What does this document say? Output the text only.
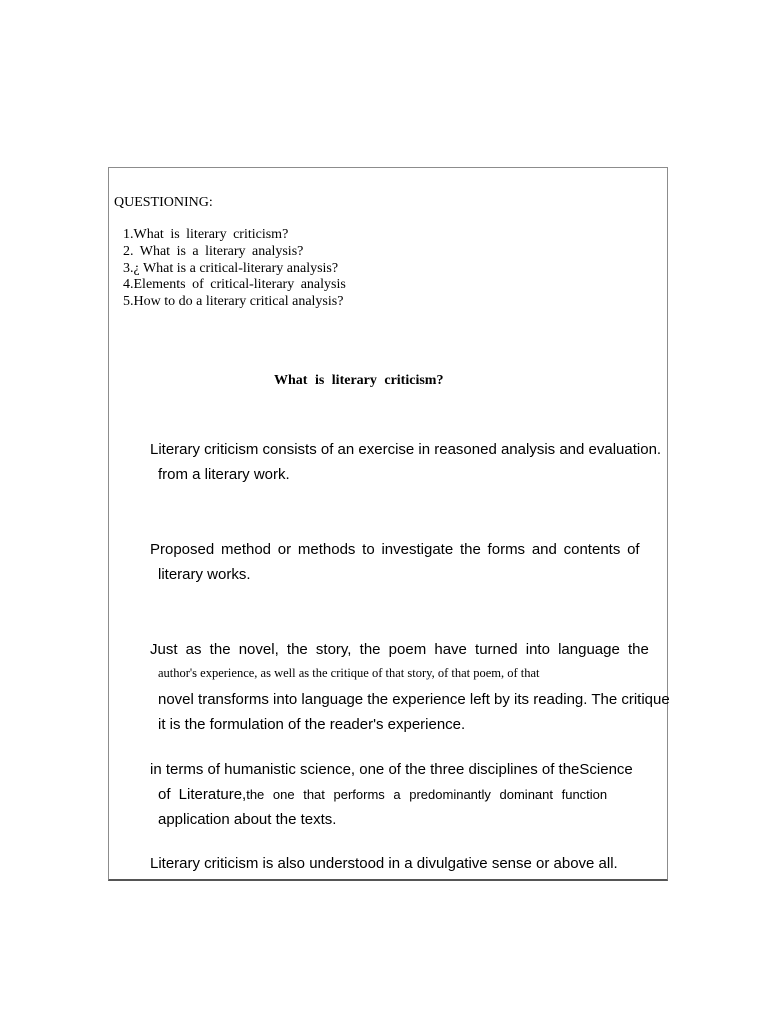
QUESTIONING:
1.What is literary criticism?
2. What is a literary analysis?
3.¿ What is a critical-literary analysis?
4.Elements of critical-literary analysis
5.How to do a literary critical analysis?
What is literary criticism?
Literary criticism consists of an exercise in reasoned analysis and evaluation.
from a literary work.
Proposed method or methods to investigate the forms and contents of
literary works.
Just as the novel, the story, the poem have turned into language the
author's experience, as well as the critique of that story, of that poem, of that
novel transforms into language the experience left by its reading. The critique
it is the formulation of the reader's experience.
in terms of humanistic science, one of the three disciplines of theScience
of Literature,the one that performs a predominantly dominant function
application about the texts.
Literary criticism is also understood in a divulgative sense or above all.
